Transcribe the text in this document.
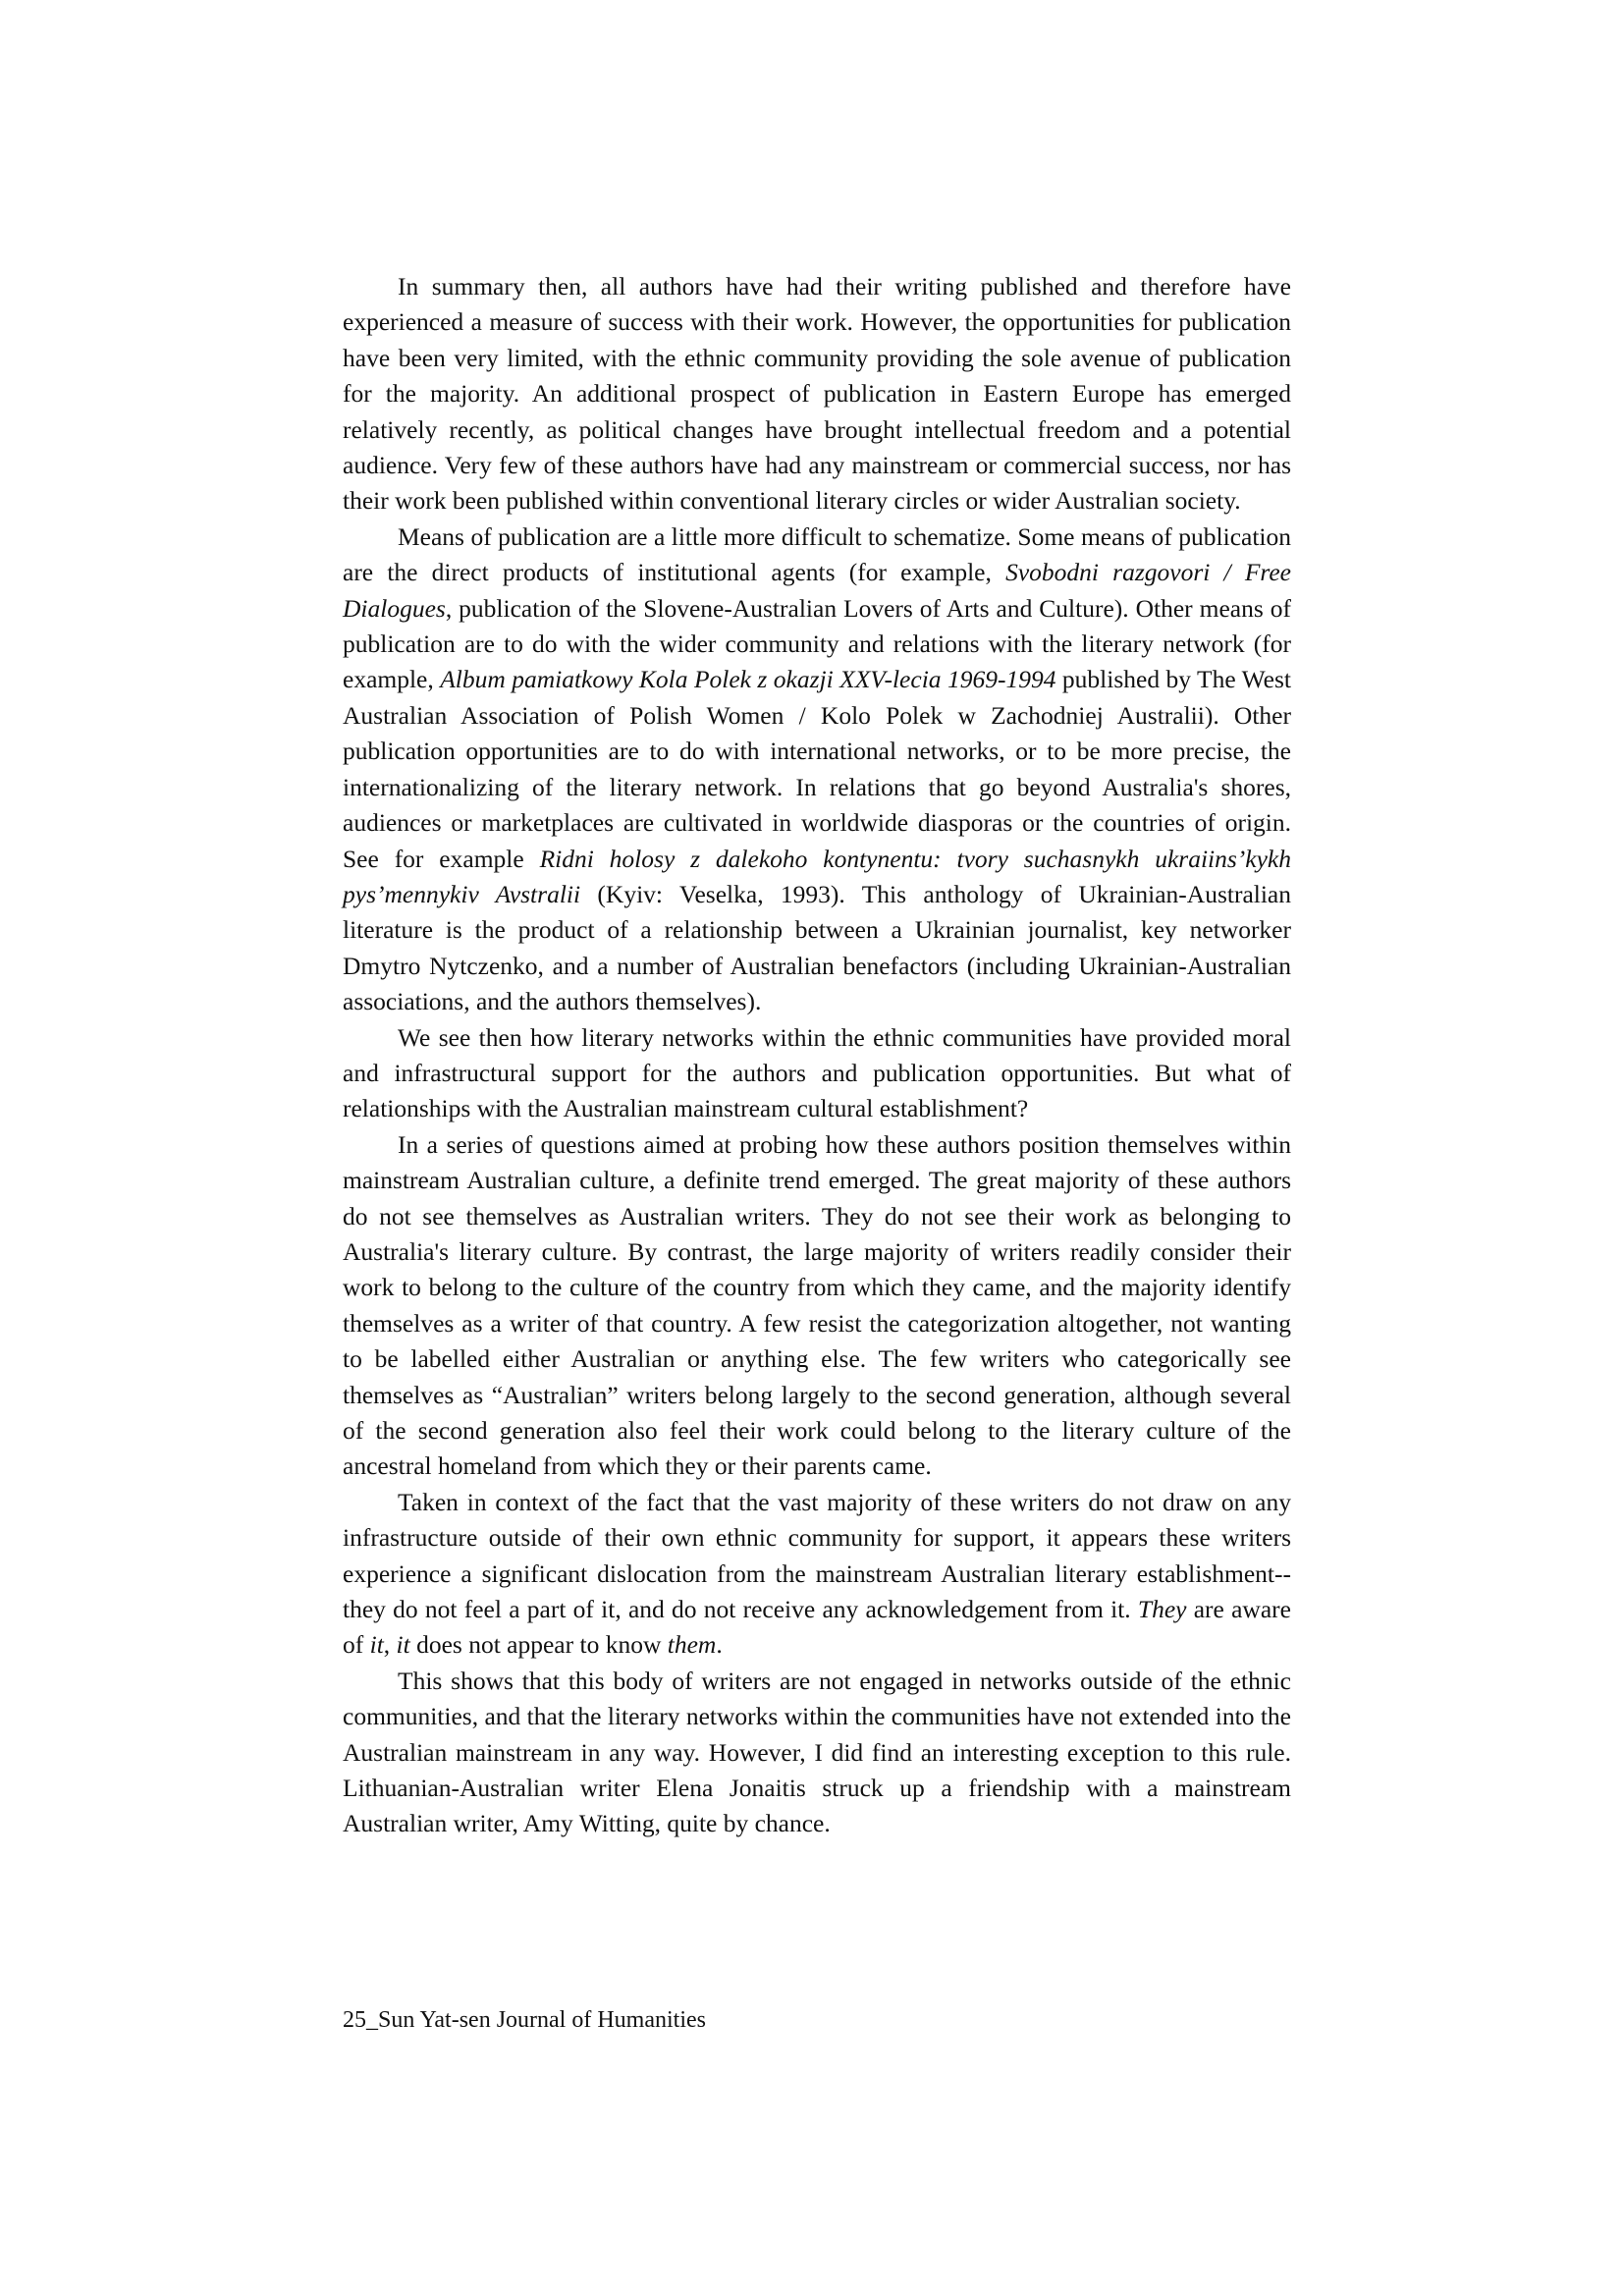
In summary then, all authors have had their writing published and therefore have experienced a measure of success with their work. However, the opportunities for publication have been very limited, with the ethnic community providing the sole avenue of publication for the majority. An additional prospect of publication in Eastern Europe has emerged relatively recently, as political changes have brought intellectual freedom and a potential audience. Very few of these authors have had any mainstream or commercial success, nor has their work been published within conventional literary circles or wider Australian society.

Means of publication are a little more difficult to schematize. Some means of publication are the direct products of institutional agents (for example, Svobodni razgovori / Free Dialogues, publication of the Slovene-Australian Lovers of Arts and Culture). Other means of publication are to do with the wider community and relations with the literary network (for example, Album pamiatkowy Kola Polek z okazji XXV-lecia 1969-1994 published by The West Australian Association of Polish Women / Kolo Polek w Zachodniej Australii). Other publication opportunities are to do with international networks, or to be more precise, the internationalizing of the literary network. In relations that go beyond Australia's shores, audiences or marketplaces are cultivated in worldwide diasporas or the countries of origin. See for example Ridni holosy z dalekoho kontynentu: tvory suchasnykh ukraiins’kykh pys’mennykiv Avstralii (Kyiv: Veselka, 1993). This anthology of Ukrainian-Australian literature is the product of a relationship between a Ukrainian journalist, key networker Dmytro Nytczenko, and a number of Australian benefactors (including Ukrainian-Australian associations, and the authors themselves).

We see then how literary networks within the ethnic communities have provided moral and infrastructural support for the authors and publication opportunities. But what of relationships with the Australian mainstream cultural establishment?

In a series of questions aimed at probing how these authors position themselves within mainstream Australian culture, a definite trend emerged. The great majority of these authors do not see themselves as Australian writers. They do not see their work as belonging to Australia's literary culture. By contrast, the large majority of writers readily consider their work to belong to the culture of the country from which they came, and the majority identify themselves as a writer of that country. A few resist the categorization altogether, not wanting to be labelled either Australian or anything else. The few writers who categorically see themselves as “Australian” writers belong largely to the second generation, although several of the second generation also feel their work could belong to the literary culture of the ancestral homeland from which they or their parents came.

Taken in context of the fact that the vast majority of these writers do not draw on any infrastructure outside of their own ethnic community for support, it appears these writers experience a significant dislocation from the mainstream Australian literary establishment--they do not feel a part of it, and do not receive any acknowledgement from it. They are aware of it, it does not appear to know them.

This shows that this body of writers are not engaged in networks outside of the ethnic communities, and that the literary networks within the communities have not extended into the Australian mainstream in any way. However, I did find an interesting exception to this rule. Lithuanian-Australian writer Elena Jonaitis struck up a friendship with a mainstream Australian writer, Amy Witting, quite by chance.

25_Sun Yat-sen Journal of Humanities
